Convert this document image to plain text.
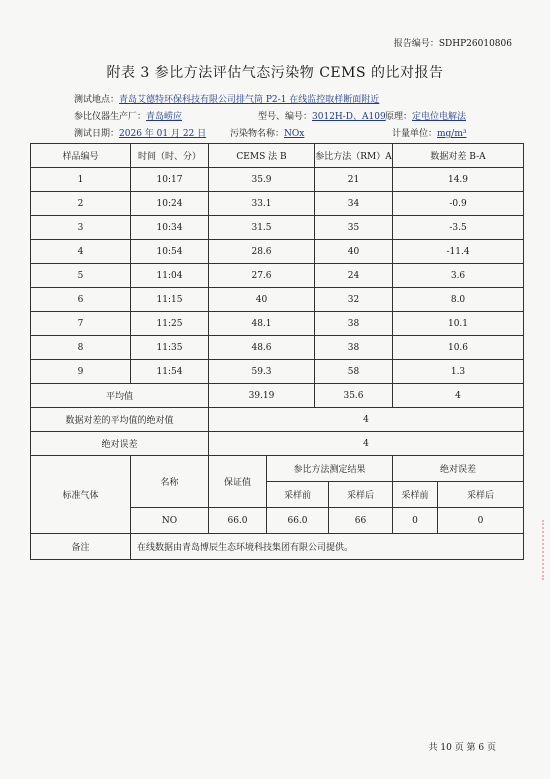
报告编号：SDHP26010806
附表 3 参比方法评估气态污染物 CEMS 的比对报告
测试地点：青岛艾德特环保科技有限公司排气筒 P2-1 在线监控取样断面附近
参比仪器生产厂：青岛崂应	型号、编号：3012H-D、A109 原理：定电位电解法
测试日期：2026 年 01 月 22 日	污染物名称：NOx	计量单位：mg/m³
样品编号	时间（时、分）	CEMS 法 B		参比方法（RM）A		数据对差 B-A	
1	10:17	35.9		21		14.9	
2	10:24	33.1		34		-0.9	
3	10:34	31.5		35		-3.5	
4	10:54	28.6		40		-11.4	
5	11:04	27.6		24		3.6	
6	11:15	40		32		8.0	
7	11:25	48.1		38		10.1	
8	11:35	48.6		38		10.6	
9	11:54	59.3		58		1.3	
平均值		39.19		35.6		4	
数据对差的平均值的绝对值		4					
绝对误差		4					
标准气体	名称	保证值	参比方法测定结果			绝对误差	
			采样前		采样后	采样前	采样后
	NO	66.0	66.0		66	0	0
备注	在线数据由青岛博辰生态环境科技集团有限公司提供。						
共 10 页 第 6 页
